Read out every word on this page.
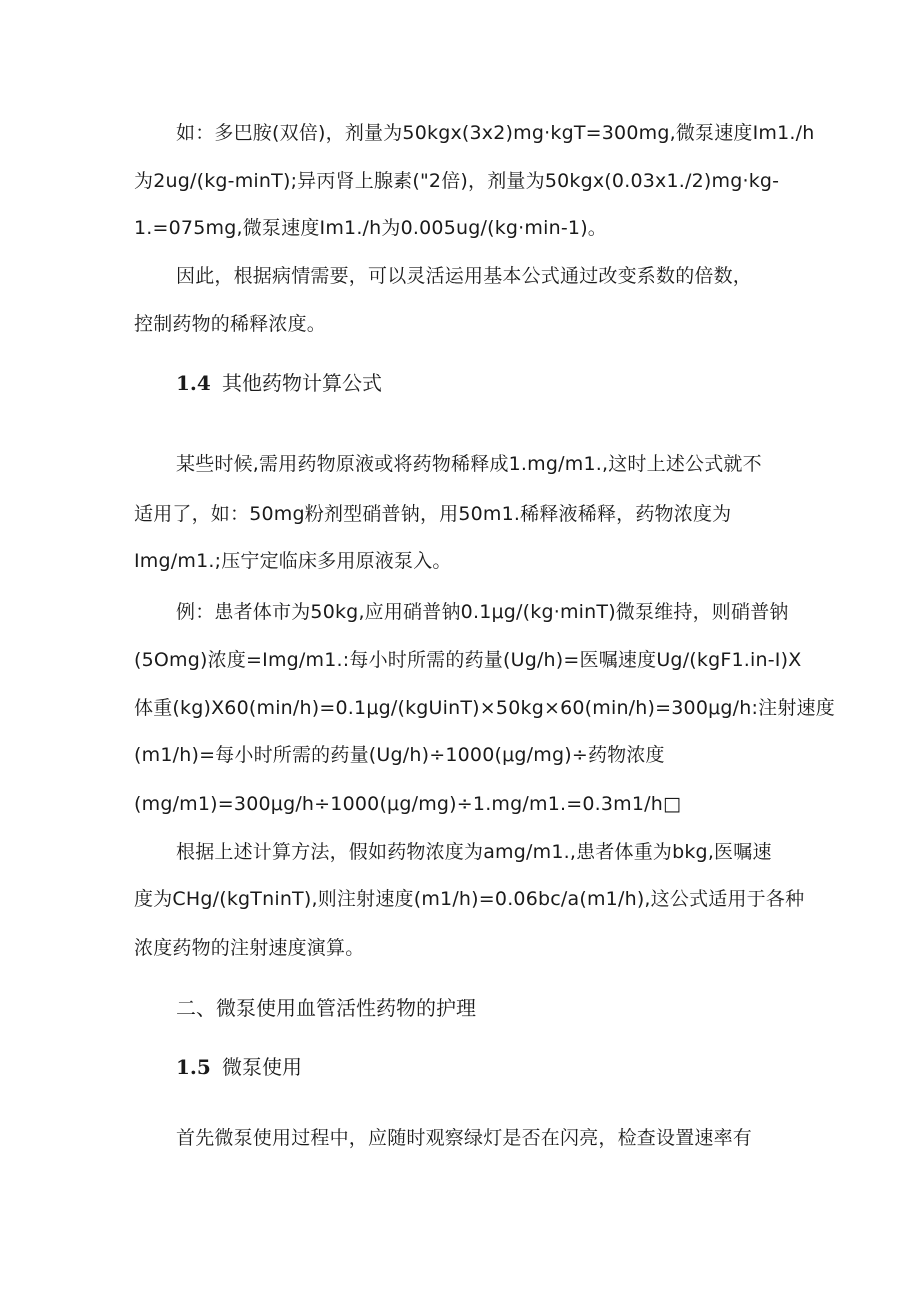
如：多巴胺(双倍)，剂量为50kgx(3x2)mg·kgT=300mg,微泵速度Im1./h
为2ug∕(kg-minT);异丙肾上腺素("2倍)，剂量为50kgx(0.03x1./2)mg·kg-
1.=075mg,微泵速度Im1./h为0.005ug∕(kg·min-1)。
因此，根据病情需要，可以灵活运用基本公式通过改变系数的倍数，
控制药物的稀释浓度。
1.4 其他药物计算公式
某些时候,需用药物原液或将药物稀释成1.mg∕m1.,这时上述公式就不
适用了，如：50mg粉剂型硝普钠，用50m1.稀释液稀释，药物浓度为
Img/m1.;压宁定临床多用原液泵入。
例：患者体市为50kg,应用硝普钠0.1μg∕(kg·minT)微泵维持，则硝普钠
(5Omg)浓度=Img/m1.:每小时所需的药量(Ug∕h)=医嘱速度Ug/(kgF1.in-I)X
体重(kg)X60(min∕h)=0.1μg∕(kgUinT)×50kg×60(min∕h)=300μg/h:注射速度
(m1∕h)=每小时所需的药量(Ug/h)÷1000(μg∕mg)÷药物浓度
(mg∕m1)=300μg∕h÷1000(μg∕mg)÷1.mg∕m1.=0.3m1∕h□
根据上述计算方法，假如药物浓度为amg∕m1.,患者体重为bkg,医嘱速
度为CHg/(kgTninT),则注射速度(m1∕h)=0.06bc∕a(m1∕h),这公式适用于各种
浓度药物的注射速度演算。
二、微泵使用血管活性药物的护理
1.5 微泵使用
首先微泵使用过程中，应随时观察绿灯是否在闪亮，检查设置速率有
